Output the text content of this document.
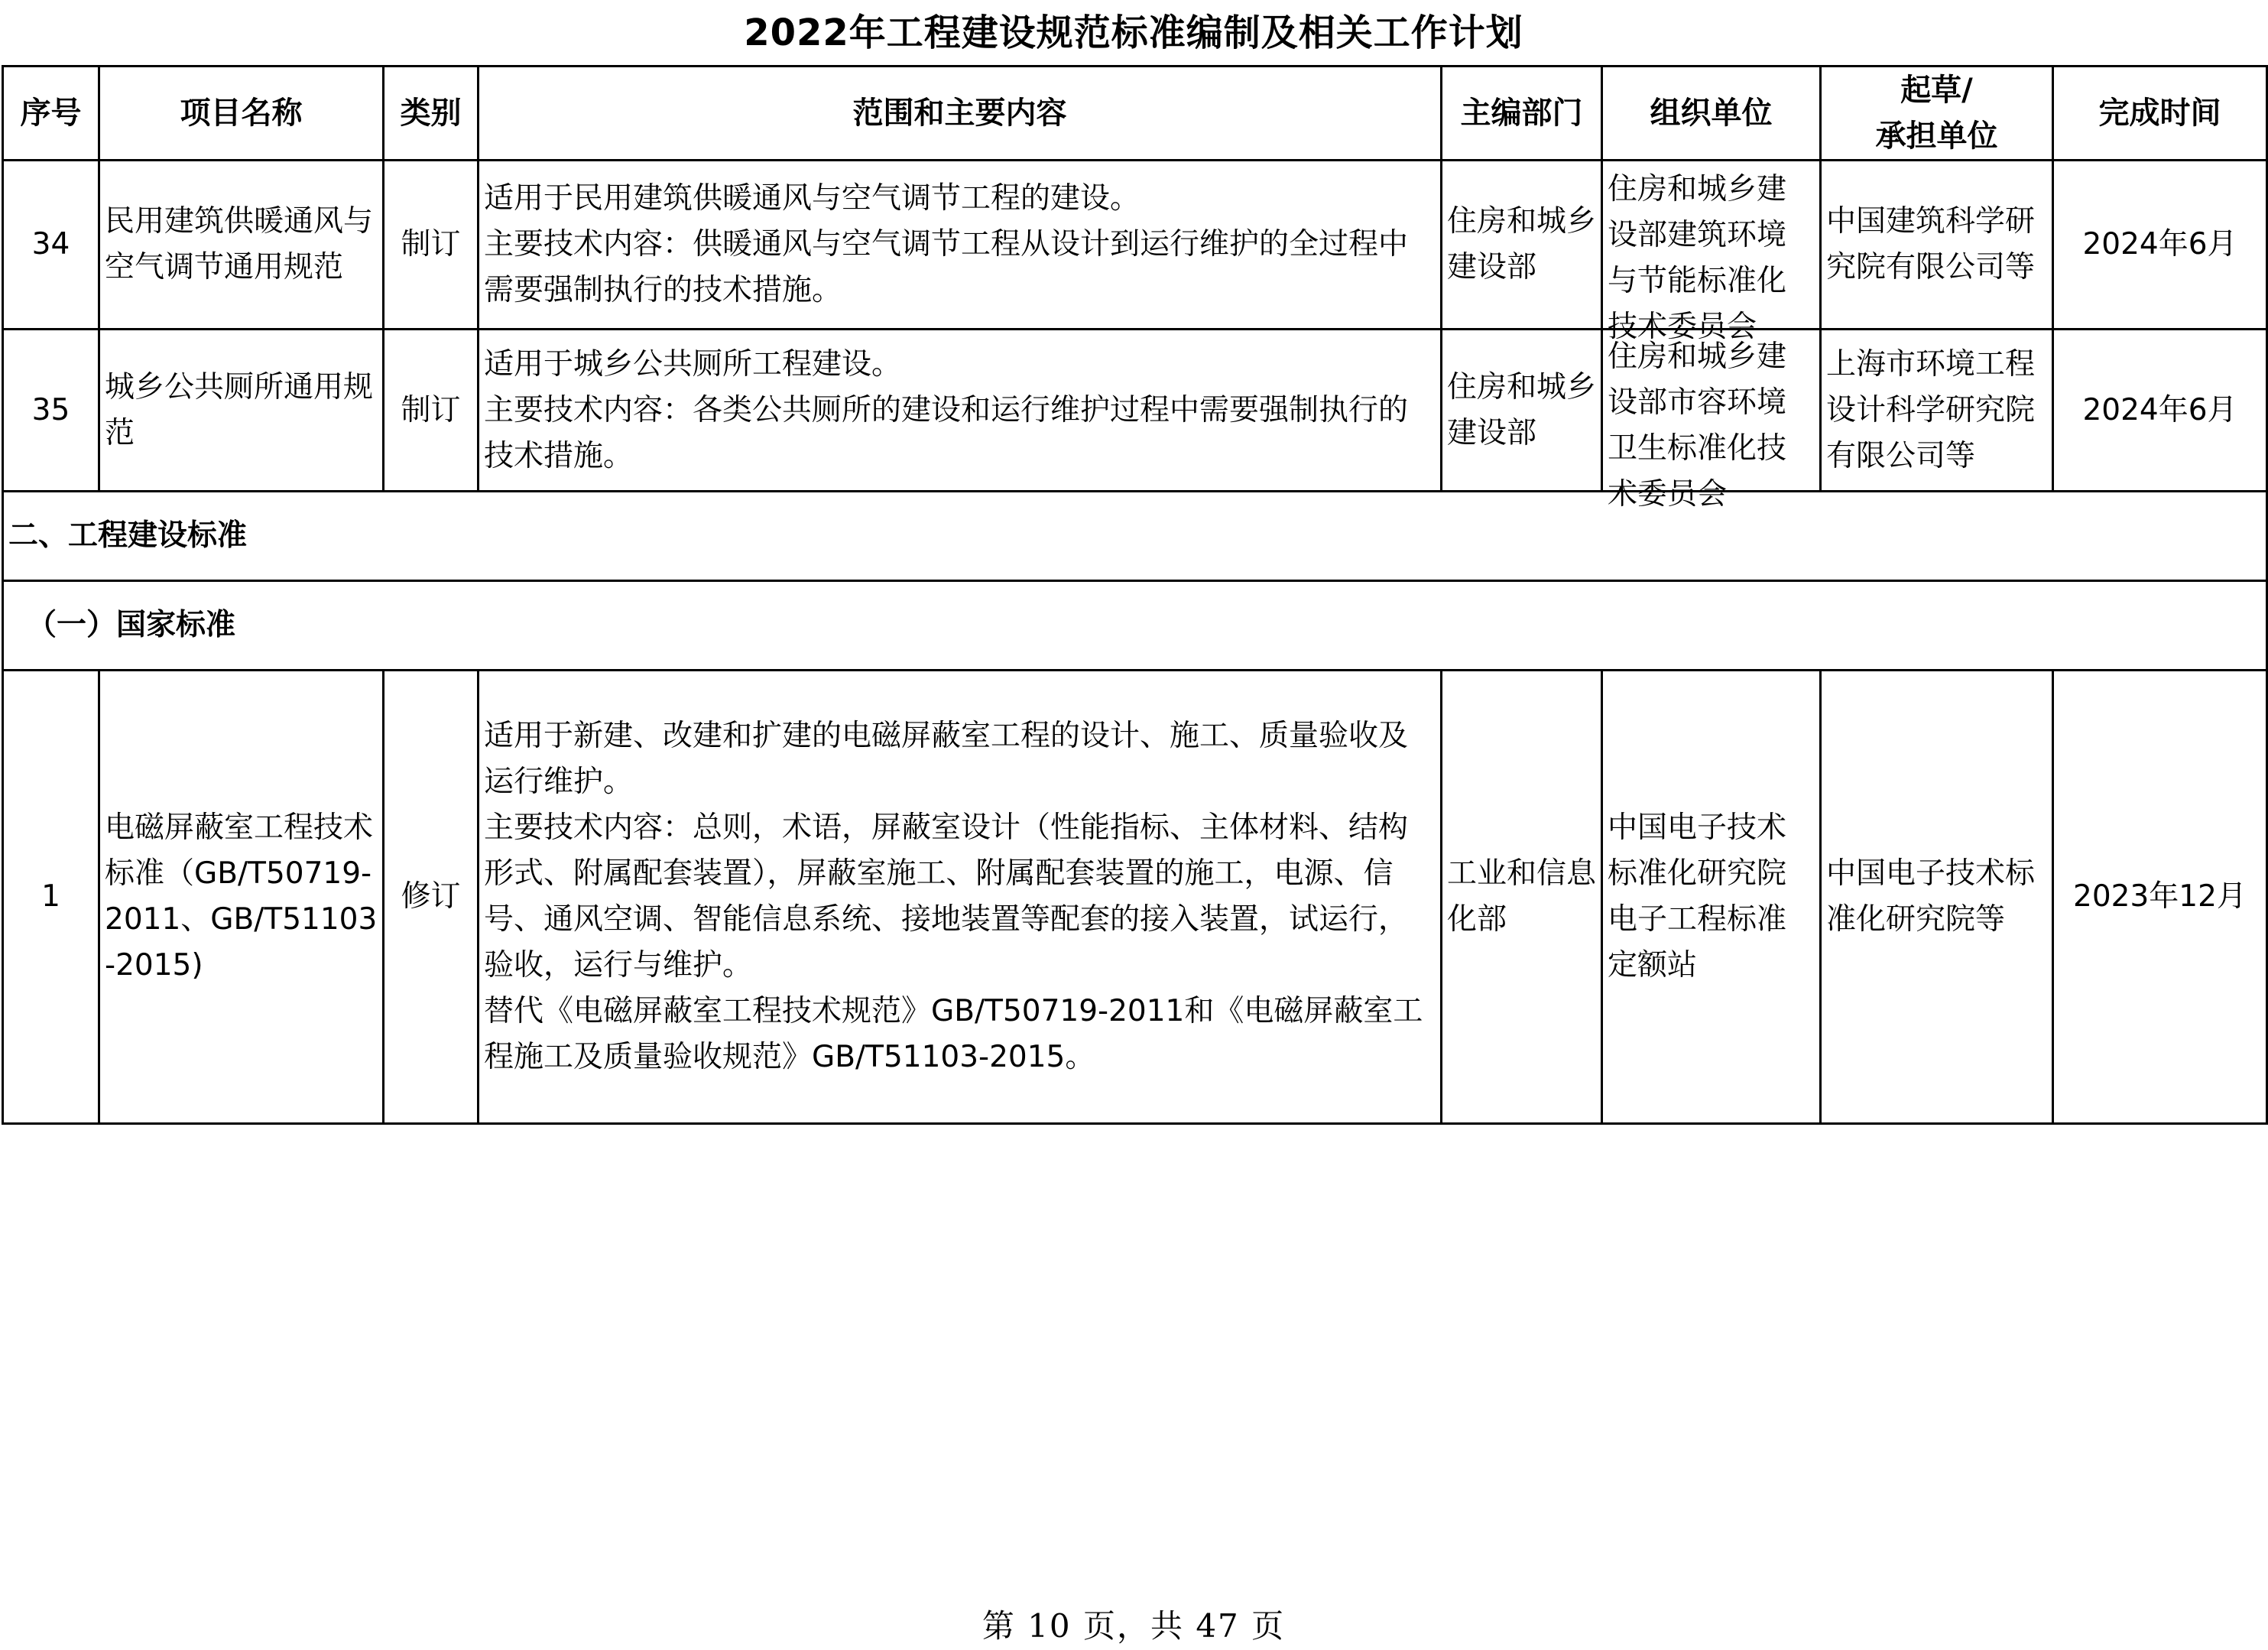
2022年工程建设规范标准编制及相关工作计划
序号	项目名称	类别	范围和主要内容	主编部门	组织单位	起草/
承担单位	完成时间
34	民用建筑供暖通风与空气调节通用规范	制订	适用于民用建筑供暖通风与空气调节工程的建设。
主要技术内容：供暖通风与空气调节工程从设计到运行维护的全过程中需要强制执行的技术措施。	住房和城乡建设部	住房和城乡建设部建筑环境与节能标准化技术委员会	中国建筑科学研究院有限公司等	2024年6月
35	城乡公共厕所通用规范	制订	适用于城乡公共厕所工程建设。
主要技术内容：各类公共厕所的建设和运行维护过程中需要强制执行的技术措施。	住房和城乡建设部	住房和城乡建设部市容环境卫生标准化技术委员会	上海市环境工程设计科学研究院有限公司等	2024年6月
二、工程建设标准							
（一）国家标准							
1	电磁屏蔽室工程技术标准（GB/T50719-2011、GB/T51103-2015)	修订	适用于新建、改建和扩建的电磁屏蔽室工程的设计、施工、质量验收及运行维护。
主要技术内容：总则，术语，屏蔽室设计（性能指标、主体材料、结构形式、附属配套装置），屏蔽室施工、附属配套装置的施工，电源、信号、通风空调、智能信息系统、接地装置等配套的接入装置，试运行，验收，运行与维护。
替代《电磁屏蔽室工程技术规范》GB/T50719-2011和《电磁屏蔽室工程施工及质量验收规范》GB/T51103-2015。	工业和信息化部	中国电子技术标准化研究院电子工程标准定额站	中国电子技术标准化研究院等	2023年12月
第 10 页，共 47 页
